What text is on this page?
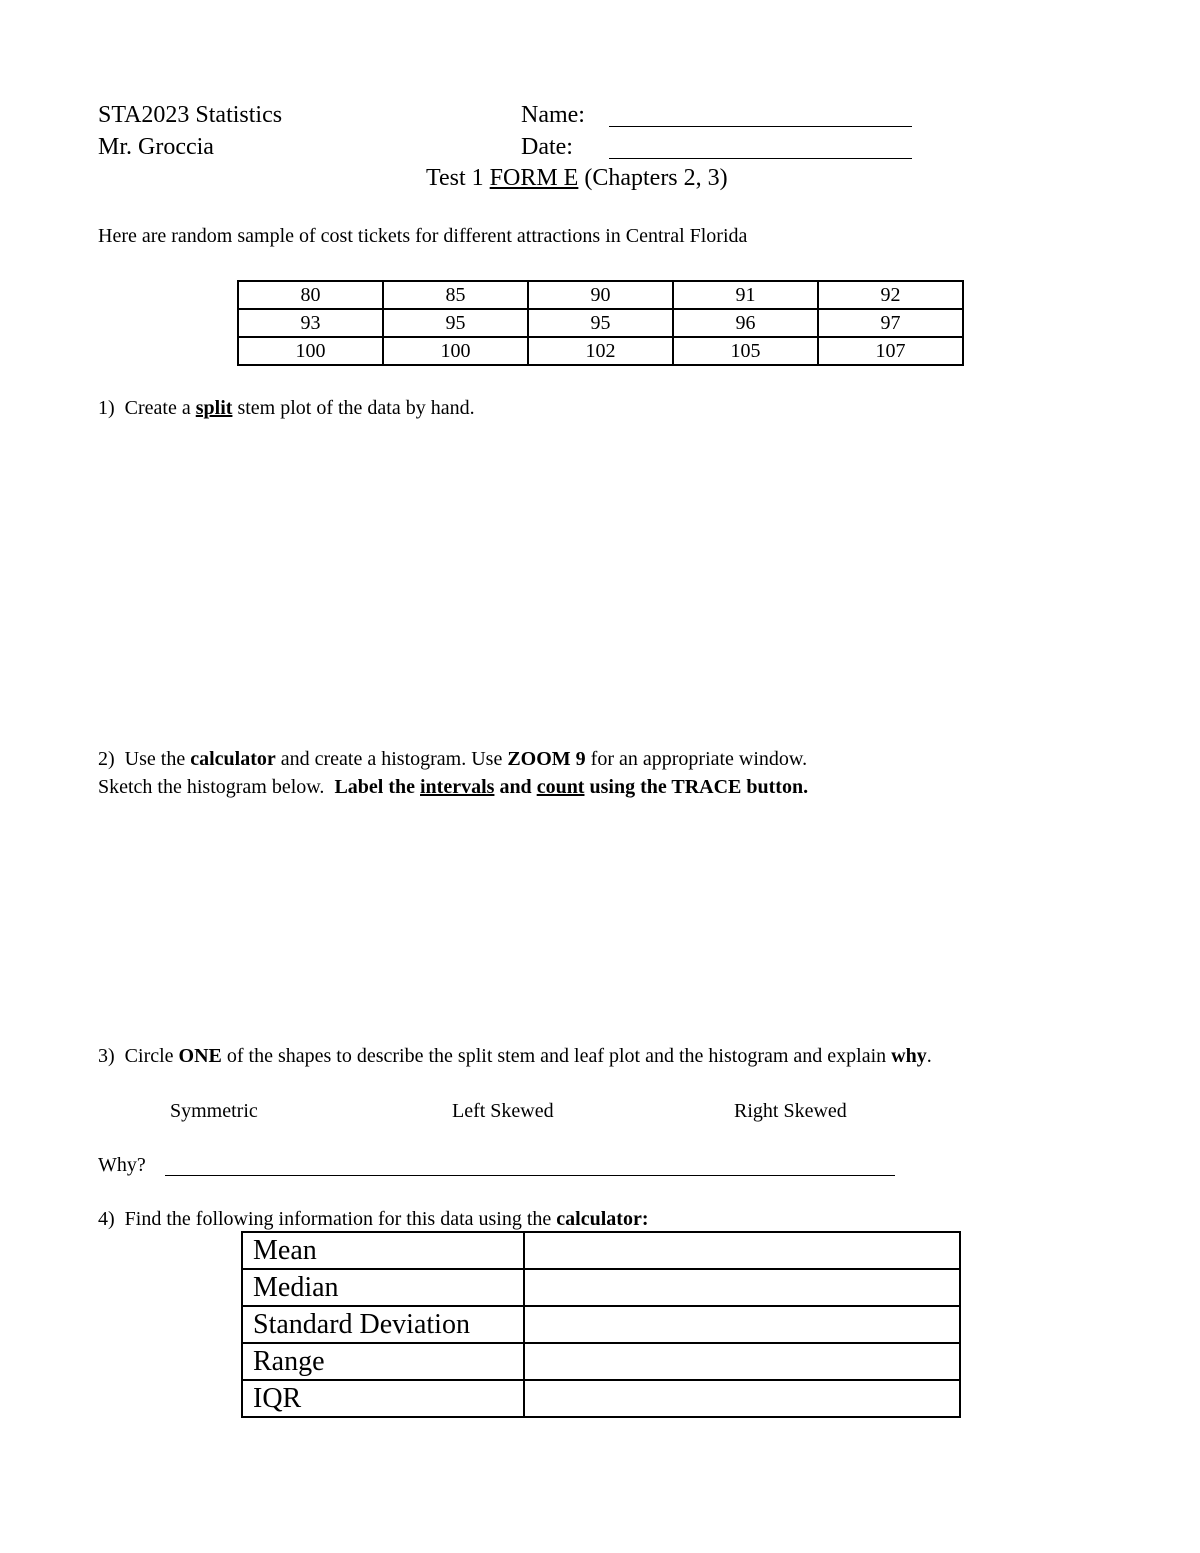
STA2023 Statistics
Mr. Groccia
Name:
Date:
Test 1 FORM E (Chapters 2, 3)
Here are random sample of cost tickets for different attractions in Central Florida
80	85	90	91	92
93	95	95	96	97
100	100	102	105	107
1) Create a split stem plot of the data by hand.
2) Use the calculator and create a histogram. Use ZOOM 9 for an appropriate window.
Sketch the histogram below. Label the intervals and count using the TRACE button.
3) Circle ONE of the shapes to describe the split stem and leaf plot and the histogram and explain why.
Symmetric	Left Skewed	Right Skewed
Why?
4) Find the following information for this data using the calculator:
Mean	
Median	
Standard Deviation	
Range	
IQR	
